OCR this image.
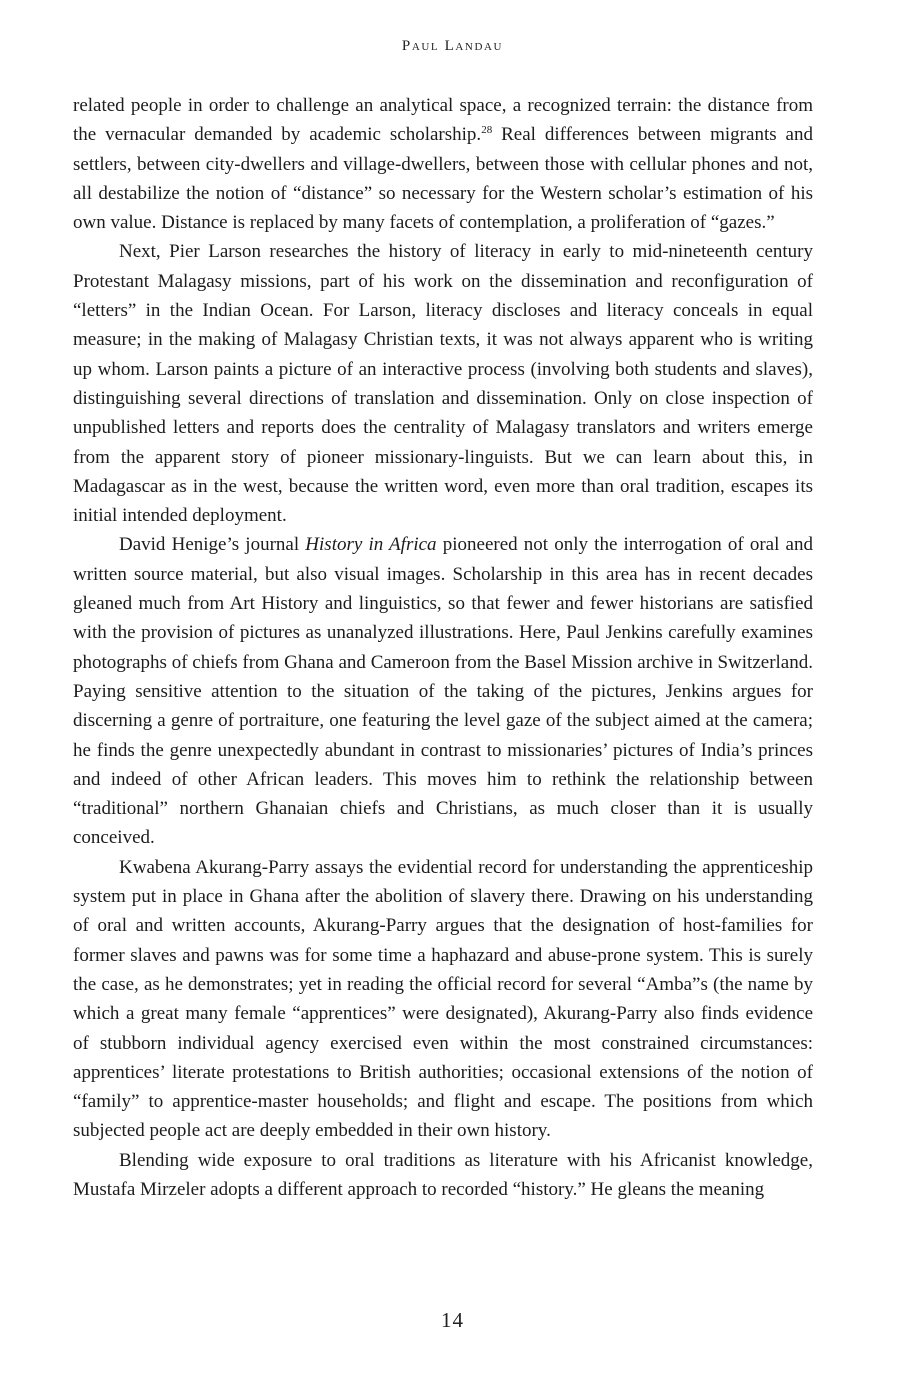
Paul Landau

related people in order to challenge an analytical space, a recognized terrain: the distance from the vernacular demanded by academic scholarship.$^{28}$ Real differences between migrants and settlers, between city-dwellers and village-dwellers, between those with cellular phones and not, all destabilize the notion of “distance” so necessary for the Western scholar’s estimation of his own value. Distance is replaced by many facets of contemplation, a proliferation of “gazes.”

Next, Pier Larson researches the history of literacy in early to mid-nineteenth century Protestant Malagasy missions, part of his work on the dissemination and reconfiguration of “letters” in the Indian Ocean. For Larson, literacy discloses and literacy conceals in equal measure; in the making of Malagasy Christian texts, it was not always apparent who is writing up whom. Larson paints a picture of an interactive process (involving both students and slaves), distinguishing several directions of translation and dissemination. Only on close inspection of unpublished letters and reports does the centrality of Malagasy translators and writers emerge from the apparent story of pioneer missionary-linguists. But we can learn about this, in Madagascar as in the west, because the written word, even more than oral tradition, escapes its initial intended deployment.

David Henige’s journal History in Africa pioneered not only the interrogation of oral and written source material, but also visual images. Scholarship in this area has in recent decades gleaned much from Art History and linguistics, so that fewer and fewer historians are satisfied with the provision of pictures as unanalyzed illustrations. Here, Paul Jenkins carefully examines photographs of chiefs from Ghana and Cameroon from the Basel Mission archive in Switzerland. Paying sensitive attention to the situation of the taking of the pictures, Jenkins argues for discerning a genre of portraiture, one featuring the level gaze of the subject aimed at the camera; he finds the genre unexpectedly abundant in contrast to missionaries’ pictures of India’s princes and indeed of other African leaders. This moves him to rethink the relationship between “traditional” northern Ghanaian chiefs and Christians, as much closer than it is usually conceived.

Kwabena Akurang-Parry assays the evidential record for understanding the apprenticeship system put in place in Ghana after the abolition of slavery there. Drawing on his understanding of oral and written accounts, Akurang-Parry argues that the designation of host-families for former slaves and pawns was for some time a haphazard and abuse-prone system. This is surely the case, as he demonstrates; yet in reading the official record for several “Amba”s (the name by which a great many female “apprentices” were designated), Akurang-Parry also finds evidence of stubborn individual agency exercised even within the most constrained circumstances: apprentices’ literate protestations to British authorities; occasional extensions of the notion of “family” to apprentice-master households; and flight and escape. The positions from which subjected people act are deeply embedded in their own history.

Blending wide exposure to oral traditions as literature with his Africanist knowledge, Mustafa Mirzeler adopts a different approach to recorded “history.” He gleans the meaning

14
